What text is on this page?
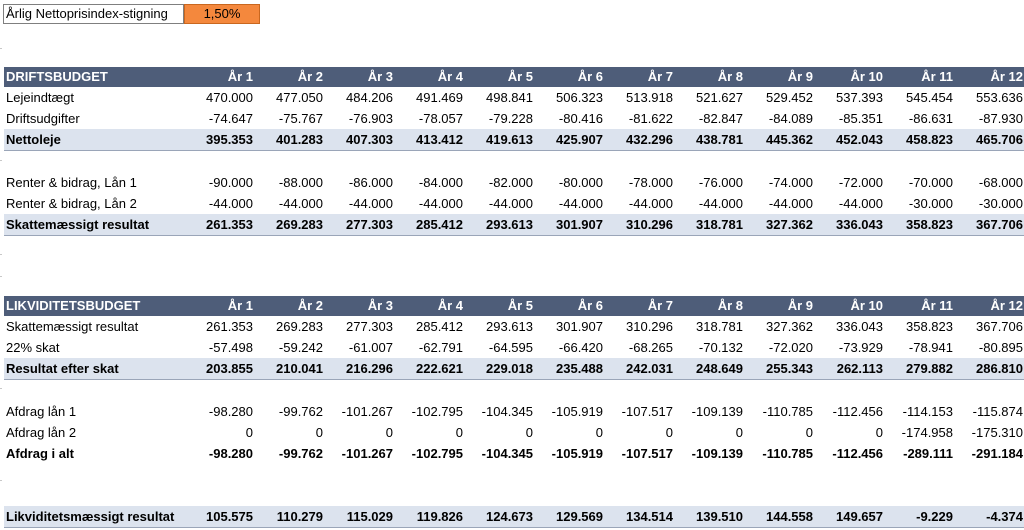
Årlig Nettoprisindex-stigning	1,50%
DRIFTSBUDGET	År 1	År 2	År 3	År 4	År 5	År 6	År 7	År 8	År 9	År 10	År 11	År 12
Lejeindtægt	470.000	477.050	484.206	491.469	498.841	506.323	513.918	521.627	529.452	537.393	545.454	553.636
Driftsudgifter	-74.647	-75.767	-76.903	-78.057	-79.228	-80.416	-81.622	-82.847	-84.089	-85.351	-86.631	-87.930
Nettoleje	395.353	401.283	407.303	413.412	419.613	425.907	432.296	438.781	445.362	452.043	458.823	465.706

Renter & bidrag, Lån 1	-90.000	-88.000	-86.000	-84.000	-82.000	-80.000	-78.000	-76.000	-74.000	-72.000	-70.000	-68.000
Renter & bidrag, Lån 2	-44.000	-44.000	-44.000	-44.000	-44.000	-44.000	-44.000	-44.000	-44.000	-44.000	-30.000	-30.000
Skattemæssigt resultat	261.353	269.283	277.303	285.412	293.613	301.907	310.296	318.781	327.362	336.043	358.823	367.706
LIKVIDITETSBUDGET	År 1	År 2	År 3	År 4	År 5	År 6	År 7	År 8	År 9	År 10	År 11	År 12
Skattemæssigt resultat	261.353	269.283	277.303	285.412	293.613	301.907	310.296	318.781	327.362	336.043	358.823	367.706
22% skat	-57.498	-59.242	-61.007	-62.791	-64.595	-66.420	-68.265	-70.132	-72.020	-73.929	-78.941	-80.895
Resultat efter skat	203.855	210.041	216.296	222.621	229.018	235.488	242.031	248.649	255.343	262.113	279.882	286.810

Afdrag lån 1	-98.280	-99.762	-101.267	-102.795	-104.345	-105.919	-107.517	-109.139	-110.785	-112.456	-114.153	-115.874
Afdrag lån 2	0	0	0	0	0	0	0	0	0	0	-174.958	-175.310
Afdrag i alt	-98.280	-99.762	-101.267	-102.795	-104.345	-105.919	-107.517	-109.139	-110.785	-112.456	-289.111	-291.184
Likviditetsmæssigt resultat	105.575	110.279	115.029	119.826	124.673	129.569	134.514	139.510	144.558	149.657	-9.229	-4.374
